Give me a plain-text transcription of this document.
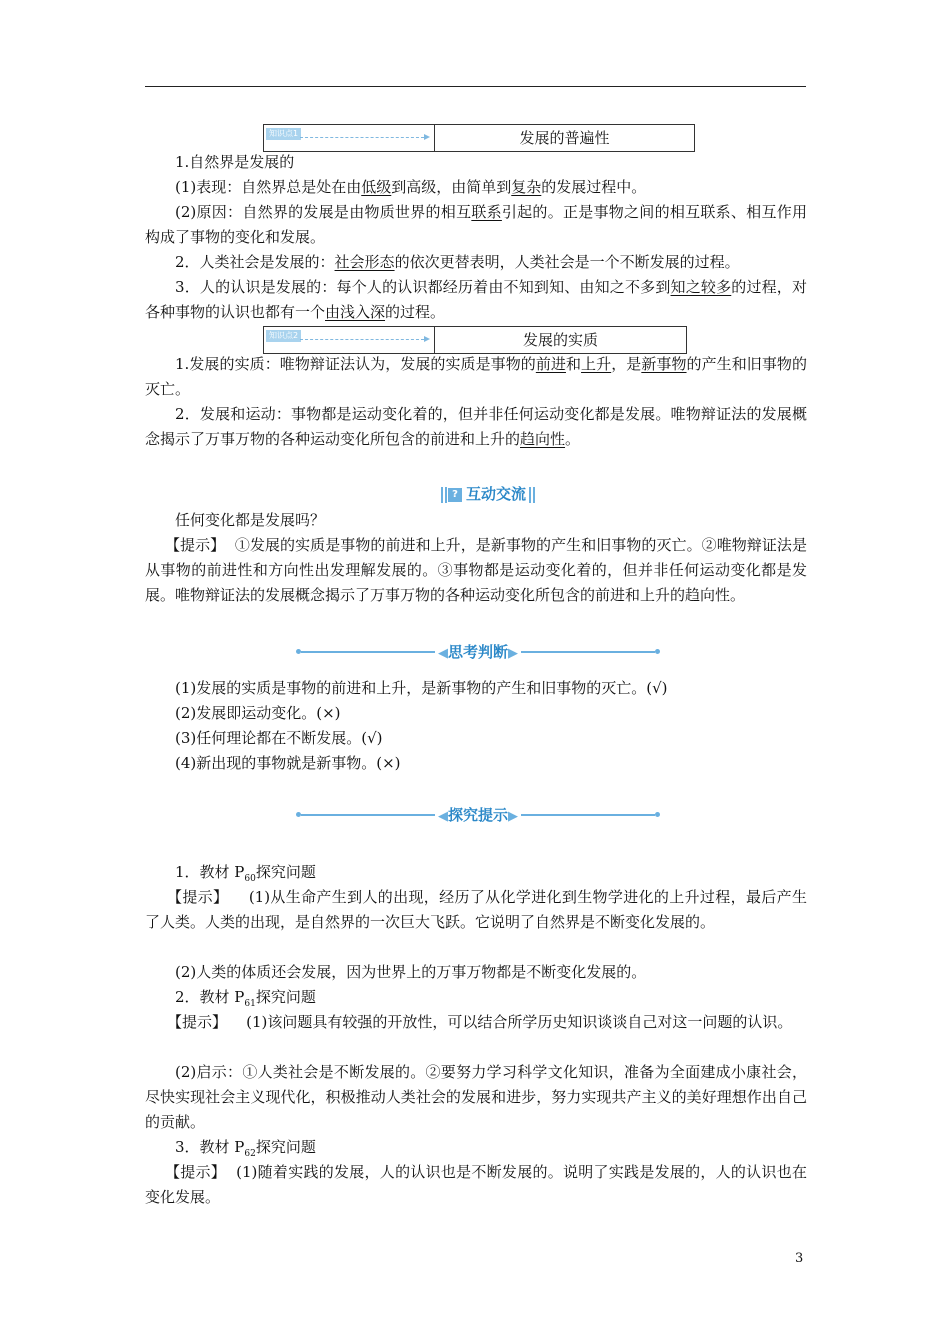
知识点1	发展的普遍性
1.自然界是发展的
(1)表现：自然界总是处在由低级到高级，由简单到复杂的发展过程中。
(2)原因：自然界的发展是由物质世界的相互联系引起的。正是事物之间的相互联系、相互作用构成了事物的变化和发展。
2．人类社会是发展的：社会形态的依次更替表明，人类社会是一个不断发展的过程。
3．人的认识是发展的：每个人的认识都经历着由不知到知、由知之不多到知之较多的过程，对各种事物的认识也都有一个由浅入深的过程。
知识点2	发展的实质
1.发展的实质：唯物辩证法认为，发展的实质是事物的前进和上升，是新事物的产生和旧事物的灭亡。
2．发展和运动：事物都是运动变化着的，但并非任何运动变化都是发展。唯物辩证法的发展概念揭示了万事万物的各种运动变化所包含的前进和上升的趋向性。
? 互动交流
任何变化都是发展吗？
【提示】 ①发展的实质是事物的前进和上升，是新事物的产生和旧事物的灭亡。②唯物辩证法是从事物的前进性和方向性出发理解发展的。③事物都是运动变化着的，但并非任何运动变化都是发展。唯物辩证法的发展概念揭示了万事万物的各种运动变化所包含的前进和上升的趋向性。
◀思考判断▶
(1)发展的实质是事物的前进和上升，是新事物的产生和旧事物的灭亡。(√)
(2)发展即运动变化。(×)
(3)任何理论都在不断发展。(√)
(4)新出现的事物就是新事物。(×)
◀探究提示▶
1．教材 $P_{60}$探究问题
【提示】 (1)从生命产生到人的出现，经历了从化学进化到生物学进化的上升过程，最后产生了人类。人类的出现，是自然界的一次巨大飞跃。它说明了自然界是不断变化发展的。
(2)人类的体质还会发展，因为世界上的万事万物都是不断变化发展的。
2．教材 $P_{61}$探究问题
【提示】 (1)该问题具有较强的开放性，可以结合所学历史知识谈谈自己对这一问题的认识。
(2)启示：①人类社会是不断发展的。②要努力学习科学文化知识，准备为全面建成小康社会，尽快实现社会主义现代化，积极推动人类社会的发展和进步，努力实现共产主义的美好理想作出自己的贡献。
3．教材 $P_{62}$探究问题
【提示】 (1)随着实践的发展，人的认识也是不断发展的。说明了实践是发展的，人的认识也在变化发展。
3
